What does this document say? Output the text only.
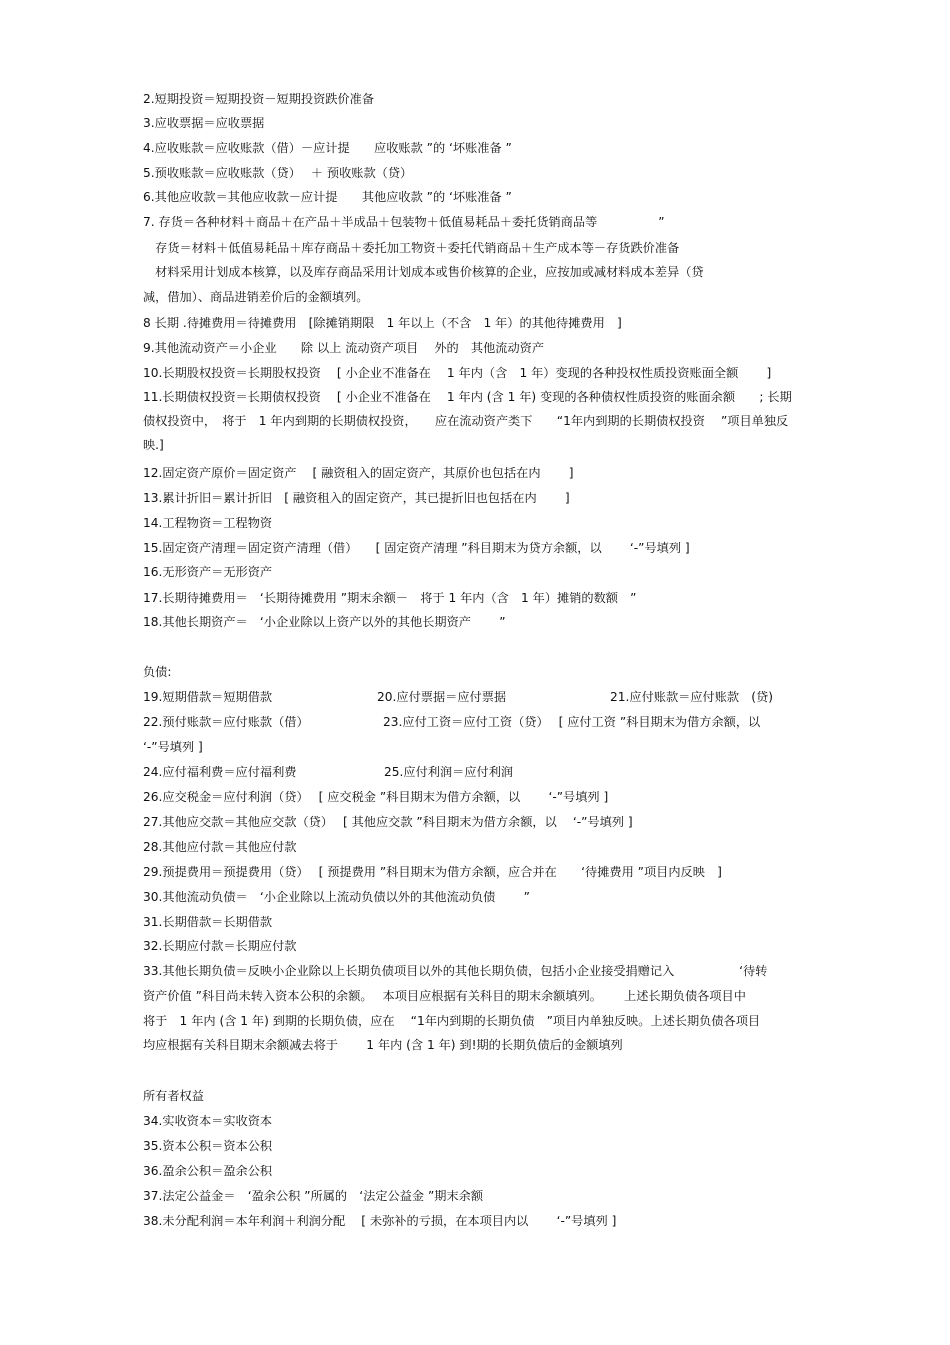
2.短期投资＝短期投资－短期投资跌价准备
3.应收票据＝应收票据
4.应收账款＝应收账款（借）－应计提　　应收账款 ”的 ‘坏账准备 ”
5.预收账款＝应收账款（贷）　 ＋ 预收账款（贷）
6.其他应收款＝其他应收款－应计提　　其他应收款 ”的 ‘坏账准备 ”
7. 存货＝各种材料＋商品＋在产品＋半成品＋包装物＋低值易耗品＋委托货销商品等　　　　　”
　存货＝材料＋低值易耗品＋库存商品＋委托加工物资＋委托代销商品＋生产成本等－存货跌价准备
　材料采用计划成本核算，以及库存商品采用计划成本或售价核算的企业，应按加或减材料成本差异（贷
减，借加）、商品进销差价后的金额填列。
8 长期 .待摊费用＝待摊费用　[除摊销期限　1 年以上（不含　1 年）的其他待摊费用　]
9.其他流动资产＝小企业　　除 以上 流动资产项目　 外的　其他流动资产
10.长期股权投资＝长期股权投资　 [ 小企业不准备在　 1 年内（含　1 年）变现的各种投权性质投资账面全额　　 ]
11.长期债权投资＝长期债权投资　 [ 小企业不准备在　 1 年内 (含 1 年) 变现的各种债权性质投资的账面余额　　; 长期
债权投资中，　将于　1 年内到期的长期债权投资，　　应在流动资产类下　　“1年内到期的长期债权投资　 ”项目单独反
映.]
12.固定资产原价＝固定资产　 [ 融资租入的固定资产，其原价也包括在内　　 ]
13.累计折旧＝累计折旧　[ 融资租入的固定资产，其已提折旧也包括在内　　 ]
14.工程物资＝工程物资
15.固定资产清理＝固定资产清理（借）　　[ 固定资产清理 ”科目期末为贷方余额，以　　 ‘-”号填列 ]
16.无形资产＝无形资产
17.长期待摊费用＝　‘长期待摊费用 ”期末余额－　将于 1 年内（含　1 年）摊销的数额　”
18.其他长期资产＝　‘小企业除以上资产以外的其他长期资产　　 ”
负债:
19.短期借款＝短期借款	20.应付票据＝应付票据	21.应付账款＝应付账款　(贷)
22.预付账款＝应付账款（借）	23.应付工资＝应付工资（贷）　 [ 应付工资 ”科目期末为借方余额，以
‘-”号填列 ]
24.应付福利费＝应付福利费	25.应付利润＝应付利润
26.应交税金＝应付利润（贷）　 [ 应交税金 ”科目期末为借方余额，以　　 ‘-”号填列 ]
27.其他应交款＝其他应交款（贷）　 [ 其他应交款 ”科目期末为借方余额，以　 ‘-”号填列 ]
28.其他应付款＝其他应付款
29.预提费用＝预提费用（贷）　 [ 预提费用 ”科目期末为借方余额，应合并在　　‘待摊费用 ”项目内反映　]
30.其他流动负债＝　‘小企业除以上流动负债以外的其他流动负债　　 ”
31.长期借款＝长期借款
32.长期应付款＝长期应付款
33.其他长期负债＝反映小企业除以上长期负债项目以外的其他长期负债，包括小企业接受捐赠记入　　　　　 ‘待转
资产价值 ”科目尚未转入资本公积的余额。　 本项目应根据有关科目的期末余额填列。　　 上述长期负债各项目中
将于　1 年内 (含 1 年) 到期的长期负债，应在　 “1年内到期的长期负债　”项目内单独反映。上述长期负债各项目
均应根据有关科目期末余额减去将于　　 1 年内 (含 1 年) 到!期的长期负债后的金额填列
所有者权益
34.实收资本＝实收资本
35.资本公积＝资本公积
36.盈余公积＝盈余公积
37.法定公益金＝　‘盈余公积 ”所属的　‘法定公益金 ”期末余额
38.未分配利润＝本年利润＋利润分配　 [ 未弥补的亏损，在本项目内以　　 ‘-”号填列 ]
